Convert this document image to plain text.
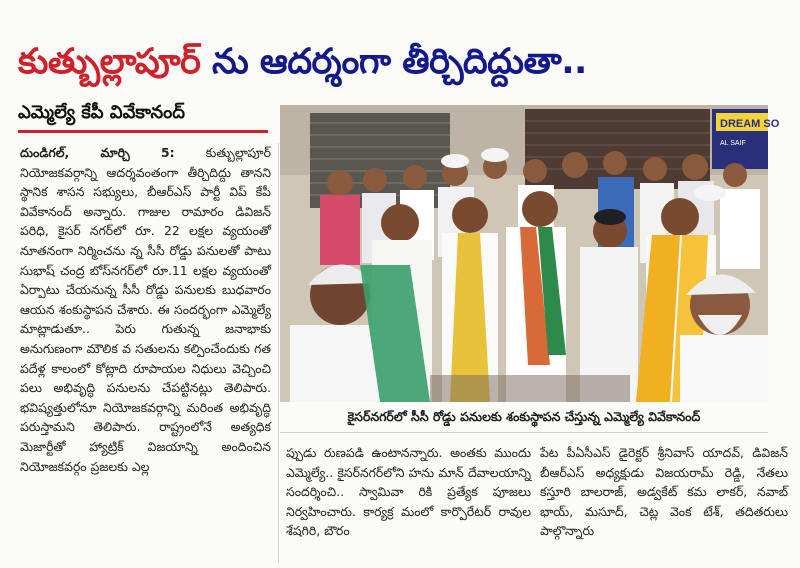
కుత్బుల్లాపూర్ ను ఆదర్శంగా తీర్చిదిద్దుతా..
ఎమ్మెల్యే కేపీ వివేకానంద్
దుండిగల్, మార్చి 5: కుత్బుల్లాపూర్ నియోజకవర్గాన్ని ఆదర్శవంతంగా తీర్చిదిద్దు తానని స్థానిక శాసన సభ్యులు, బీఆర్ఎస్ పార్టీ విప్ కేపీ వివేకానంద్ అన్నారు. గాజుల రామారం డివిజన్ పరిధి, కైసర్ నగర్‌లో రూ. 22 లక్షల వ్యయంతో నూతనంగా నిర్మించను న్న సీసీ రోడ్డు పనులతో పాటు సుభాష్ చంద్ర బోస్‌నగర్‌లో రూ.11 లక్షల వ్యయంతో ఏర్పాటు చేయనున్న సీసీ రోడ్డు పనులకు బుధవారం ఆయన శంకుస్థాపన చేశారు. ఈ సందర్భంగా ఎమ్మెల్యే మాట్లాడుతూ.. పెరు గుతున్న జనాభాకు అనుగుణంగా మౌలిక వ సతులను కల్పించేందుకు గత పదేళ్ల కాలంలో కోట్లాది రూపాయల నిధులు వెచ్చించి పలు అభివృద్ధి పనులను చేపట్టినట్లు తెలిపారు. భవిష్యత్తులోనూ నియోజకవర్గాన్ని మరింత అభివృద్ధి పరుస్తామని తెలిపారు. రాష్ట్రంలోనే అత్యధిక మెజార్టీతో హ్యాట్రిక్ విజయాన్ని అందించిన నియోజకవర్గం ప్రజలకు ఎల్ల
DREAM SO
AL SAIF
కైసర్‌నగర్‌లో సీసీ రోడ్డు పనులకు శంకుస్థాపన చేస్తున్న ఎమ్మెల్యే వివేకానంద్
ప్పుడు రుణపడి ఉంటానన్నారు. అంతకు ముందు ఎమ్మెల్యే.. కైసర్‌నగర్‌లోని హను మాన్ దేవాలయాన్ని సందర్శించి.. స్వామివా రికి ప్రత్యేక పూజలు నిర్వహించారు. కార్యక్ర మంలో కార్పొరేటర్ రావుల శేషగిరి, బౌరం
పేట పీఏసీఎస్ డైరెక్టర్ శ్రీనివాస్ యాదవ్, డివిజన్ బీఆర్ఎస్ అధ్యక్షుడు విజయరామ్ రెడ్డి, నేతలు కస్తూరి బాలరాజ్, అడ్వకేట్ కమ లాకర్, నవాబ్ భాయ్, మసూద్, చెట్ల వెంక టేశ్, తదితరులు పాల్గొన్నారు
